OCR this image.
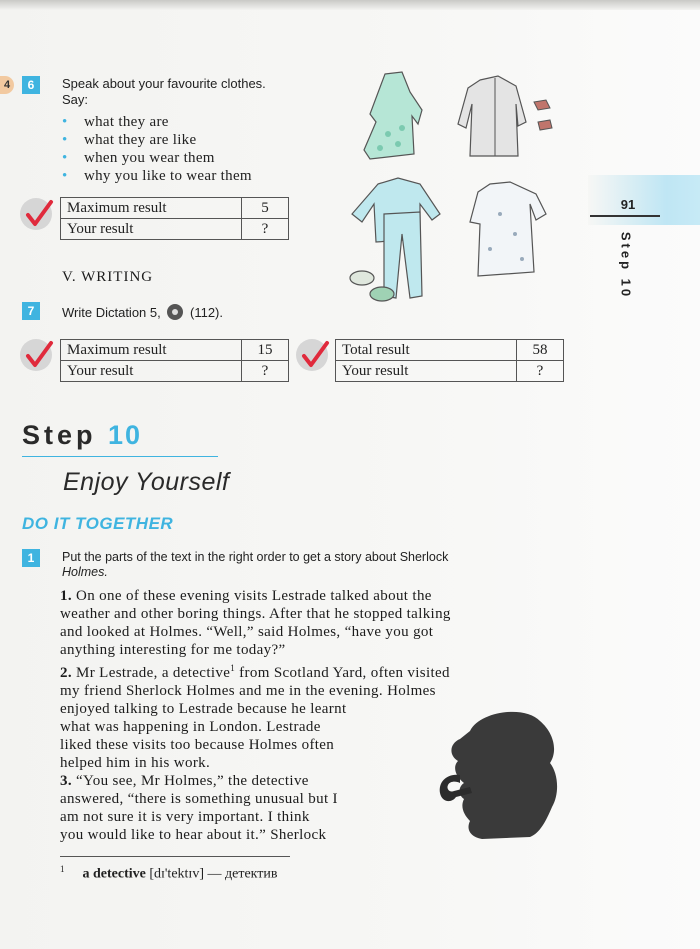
4	6	Speak about your favourite clothes.
Say:
• what they are
• what they are like
• when you wear them
• why you like to wear them
Maximum result	5
Your result	?
91
Step 10
V. WRITING
7	Write Dictation 5, (112).
Maximum result	15
Your result	?
Total result	58
Your result	?
Step 10
Enjoy Yourself
DO IT TOGETHER
1	Put the parts of the text in the right order to get a story about Sherlock
Holmes.

1. On one of these evening visits Lestrade talked about the
weather and other boring things. After that he stopped talking
and looked at Holmes. “Well,” said Holmes, “have you got
anything interesting for me today?”

2. Mr Lestrade, a detective$^1$ from Scotland Yard, often visited
my friend Sherlock Holmes and me in the evening. Holmes
enjoyed talking to Lestrade because he learnt
what was happening in London. Lestrade
liked these visits too because Holmes often
helped him in his work.

3. “You see, Mr Holmes,” the detective
answered, “there is something unusual but I
am not sure it is very important. I think
you would like to hear about it.” Sherlock

$^1$ a detective [dɪ'tektɪv] — детектив
